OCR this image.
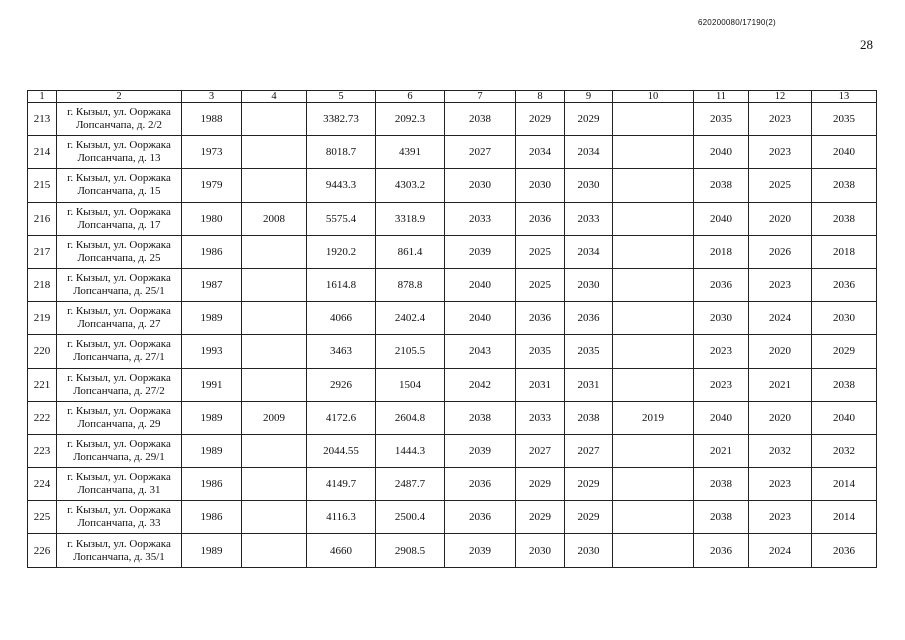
620200080/17190(2)
28
1	2	3	4	5	6	7	8	9	10	11	12	13
213	г. Кызыл, ул. Ооржака
Лопсанчапа, д. 2/2	1988		3382.73	2092.3	2038	2029	2029		2035	2023	2035
214	г. Кызыл, ул. Ооржака
Лопсанчапа, д. 13	1973		8018.7	4391	2027	2034	2034		2040	2023	2040
215	г. Кызыл, ул. Ооржака
Лопсанчапа, д. 15	1979		9443.3	4303.2	2030	2030	2030		2038	2025	2038
216	г. Кызыл, ул. Ооржака
Лопсанчапа, д. 17	1980	2008	5575.4	3318.9	2033	2036	2033		2040	2020	2038
217	г. Кызыл, ул. Ооржака
Лопсанчапа, д. 25	1986		1920.2	861.4	2039	2025	2034		2018	2026	2018
218	г. Кызыл, ул. Ооржака
Лопсанчапа, д. 25/1	1987		1614.8	878.8	2040	2025	2030		2036	2023	2036
219	г. Кызыл, ул. Ооржака
Лопсанчапа, д. 27	1989		4066	2402.4	2040	2036	2036		2030	2024	2030
220	г. Кызыл, ул. Ооржака
Лопсанчапа, д. 27/1	1993		3463	2105.5	2043	2035	2035		2023	2020	2029
221	г. Кызыл, ул. Ооржака
Лопсанчапа, д. 27/2	1991		2926	1504	2042	2031	2031		2023	2021	2038
222	г. Кызыл, ул. Ооржака
Лопсанчапа, д. 29	1989	2009	4172.6	2604.8	2038	2033	2038	2019	2040	2020	2040
223	г. Кызыл, ул. Ооржака
Лопсанчапа, д. 29/1	1989		2044.55	1444.3	2039	2027	2027		2021	2032	2032
224	г. Кызыл, ул. Ооржака
Лопсанчапа, д. 31	1986		4149.7	2487.7	2036	2029	2029		2038	2023	2014
225	г. Кызыл, ул. Ооржака
Лопсанчапа, д. 33	1986		4116.3	2500.4	2036	2029	2029		2038	2023	2014
226	г. Кызыл, ул. Ооржака
Лопсанчапа, д. 35/1	1989		4660	2908.5	2039	2030	2030		2036	2024	2036
